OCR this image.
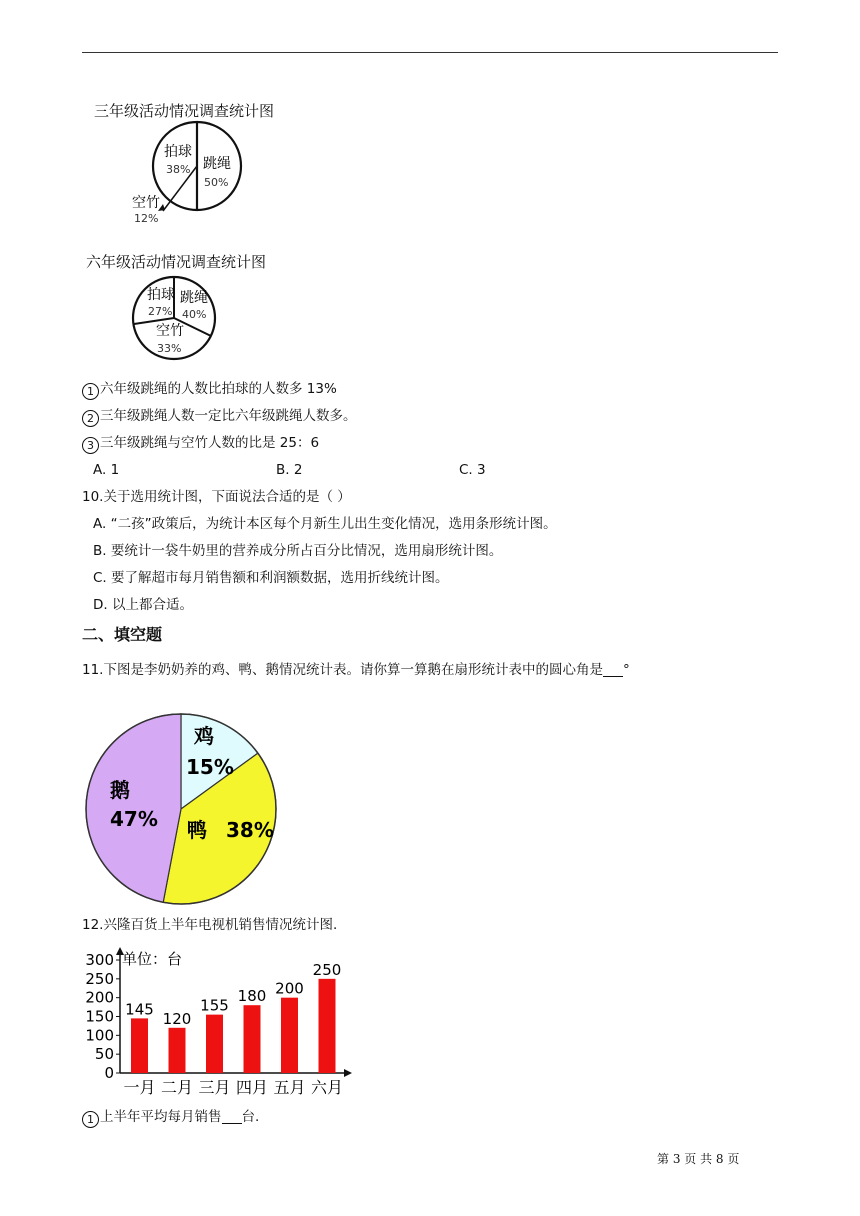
三年级活动情况调查统计图
跳绳
50%
拍球
38%
空竹
12%
六年级活动情况调查统计图
跳绳
40%
拍球
27%
空竹
33%
1 六年级跳绳的人数比拍球的人数多 13%
2 三年级跳绳人数一定比六年级跳绳人数多。
3 三年级跳绳与空竹人数的比是 25：6
A. 1	B. 2	C. 3
10.关于选用统计图，下面说法合适的是（ ）
A. “二孩”政策后，为统计本区每个月新生儿出生变化情况，选用条形统计图。
B. 要统计一袋牛奶里的营养成分所占百分比情况，选用扇形统计图。
C. 要了解超市每月销售额和利润额数据，选用折线统计图。
D. 以上都合适。
二、填空题
11.下图是李奶奶养的鸡、鸭、鹅情况统计表。请你算一算鹅在扇形统计表中的圆心角是 °
鸡
15%
鸭 38%
鹅
47%
12.兴隆百货上半年电视机销售情况统计图.
0
50
100
150
200
250
300
145
120
155
180 200
250
一月 二月 三月 四月 五月 六月
单位：台
1 上半年平均每月销售 台.
第 3 页 共 8 页
